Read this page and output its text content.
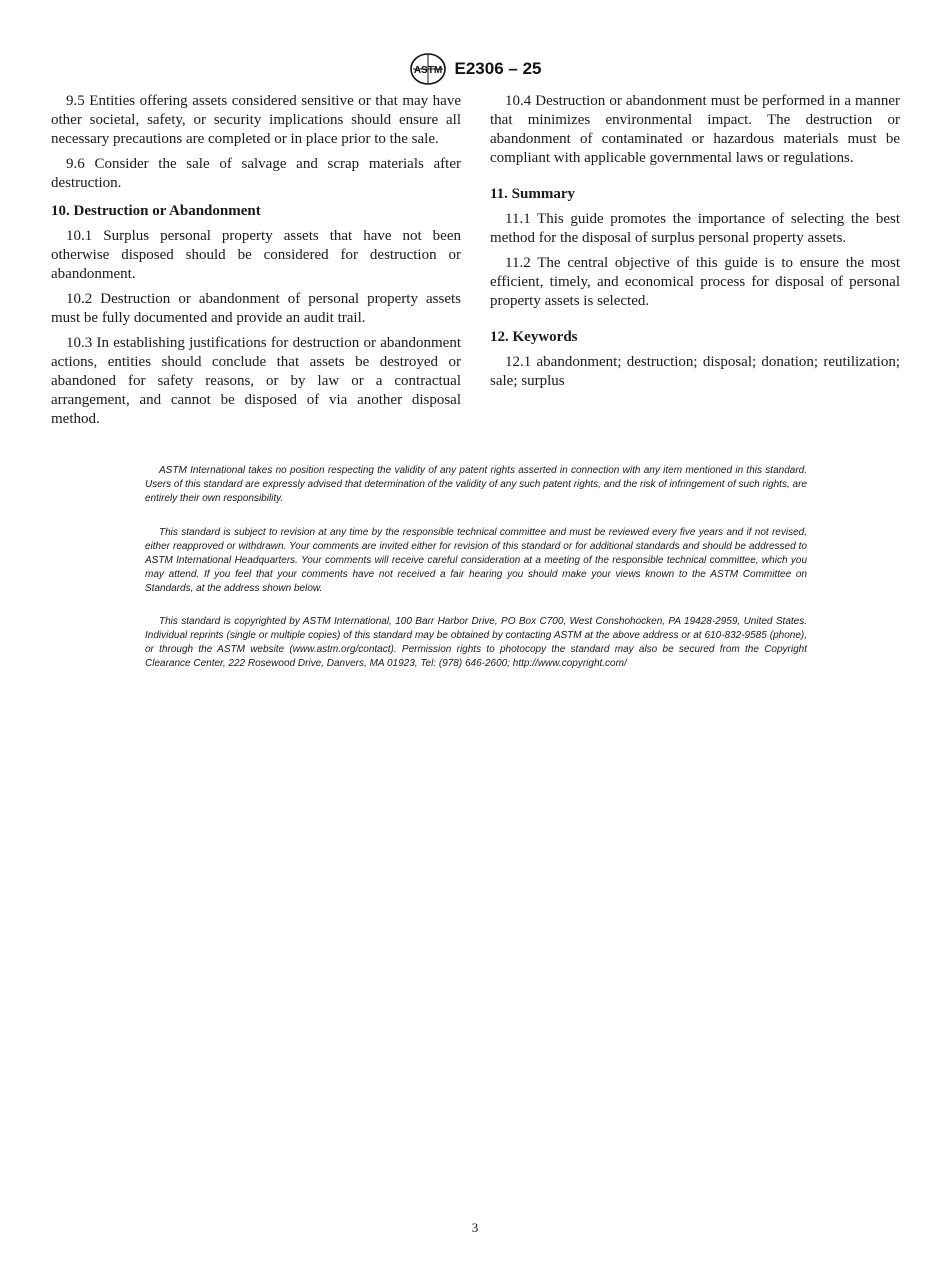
ASTM E2306 – 25

9.5 Entities offering assets considered sensitive or that may have other societal, safety, or security implications should ensure all necessary precautions are completed or in place prior to the sale.

9.6 Consider the sale of salvage and scrap materials after destruction.

10. Destruction or Abandonment

10.1 Surplus personal property assets that have not been otherwise disposed should be considered for destruction or abandonment.

10.2 Destruction or abandonment of personal property assets must be fully documented and provide an audit trail.

10.3 In establishing justifications for destruction or abandonment actions, entities should conclude that assets be destroyed or abandoned for safety reasons, or by law or a contractual arrangement, and cannot be disposed of via another disposal method.

10.4 Destruction or abandonment must be performed in a manner that minimizes environmental impact. The destruction or abandonment of contaminated or hazardous materials must be compliant with applicable governmental laws or regulations.

11. Summary

11.1 This guide promotes the importance of selecting the best method for the disposal of surplus personal property assets.

11.2 The central objective of this guide is to ensure the most efficient, timely, and economical process for disposal of personal property assets is selected.

12. Keywords

12.1 abandonment; destruction; disposal; donation; reutilization; sale; surplus

ASTM International takes no position respecting the validity of any patent rights asserted in connection with any item mentioned in this standard. Users of this standard are expressly advised that determination of the validity of any such patent rights, and the risk of infringement of such rights, are entirely their own responsibility.

This standard is subject to revision at any time by the responsible technical committee and must be reviewed every five years and if not revised, either reapproved or withdrawn. Your comments are invited either for revision of this standard or for additional standards and should be addressed to ASTM International Headquarters. Your comments will receive careful consideration at a meeting of the responsible technical committee, which you may attend. If you feel that your comments have not received a fair hearing you should make your views known to the ASTM Committee on Standards, at the address shown below.

This standard is copyrighted by ASTM International, 100 Barr Harbor Drive, PO Box C700, West Conshohocken, PA 19428-2959, United States. Individual reprints (single or multiple copies) of this standard may be obtained by contacting ASTM at the above address or at 610-832-9585 (phone), or through the ASTM website (www.astm.org/contact). Permission rights to photocopy the standard may also be secured from the Copyright Clearance Center, 222 Rosewood Drive, Danvers, MA 01923, Tel: (978) 646-2600; http://www.copyright.com/

3
